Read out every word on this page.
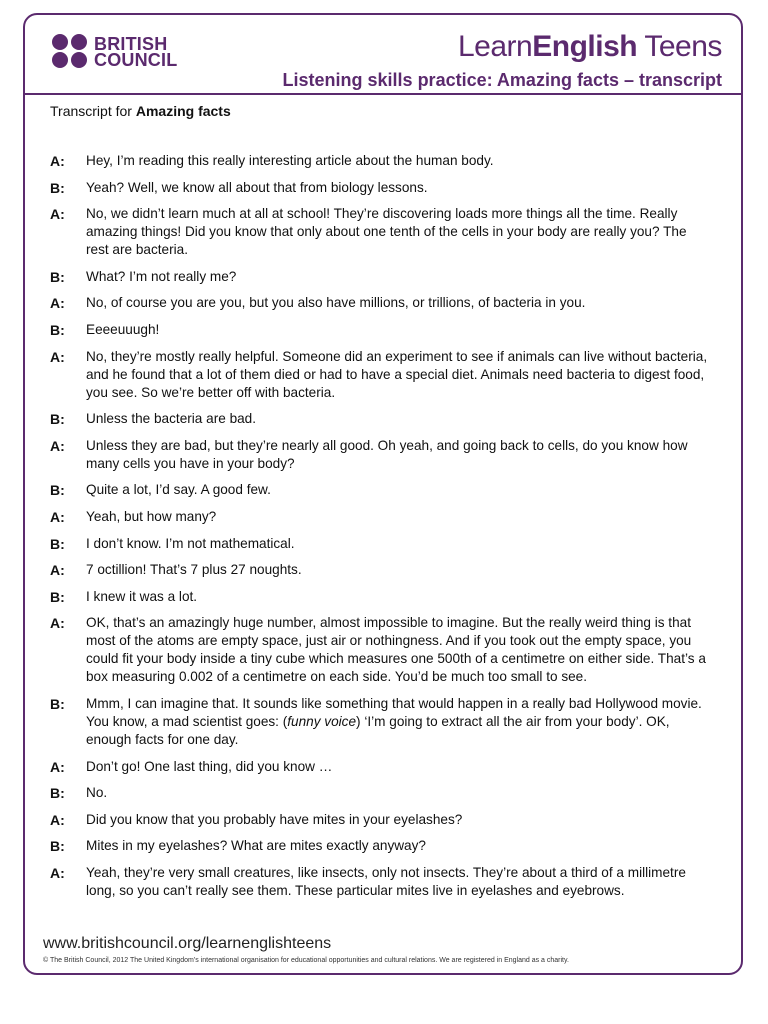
BRITISH
COUNCIL	LearnEnglish Teens
Listening skills practice: Amazing facts – transcript
Transcript for Amazing facts
A:	Hey, I’m reading this really interesting article about the human body.
B:	Yeah? Well, we know all about that from biology lessons.
A:	No, we didn’t learn much at all at school! They’re discovering loads more things all the time. Really amazing things! Did you know that only about one tenth of the cells in your body are really you? The rest are bacteria.
B:	What? I’m not really me?
A:	No, of course you are you, but you also have millions, or trillions, of bacteria in you.
B:	Eeeeuuugh!
A:	No, they’re mostly really helpful. Someone did an experiment to see if animals can live without bacteria, and he found that a lot of them died or had to have a special diet. Animals need bacteria to digest food, you see. So we’re better off with bacteria.
B:	Unless the bacteria are bad.
A:	Unless they are bad, but they’re nearly all good. Oh yeah, and going back to cells, do you know how many cells you have in your body?
B:	Quite a lot, I’d say. A good few.
A:	Yeah, but how many?
B:	I don’t know. I’m not mathematical.
A:	7 octillion! That’s 7 plus 27 noughts.
B:	I knew it was a lot.
A:	OK, that’s an amazingly huge number, almost impossible to imagine. But the really weird thing is that most of the atoms are empty space, just air or nothingness. And if you took out the empty space, you could fit your body inside a tiny cube which measures one 500th of a centimetre on either side. That’s a box measuring 0.002 of a centimetre on each side. You’d be much too small to see.
B:	Mmm, I can imagine that. It sounds like something that would happen in a really bad Hollywood movie. You know, a mad scientist goes: (funny voice) ‘I’m going to extract all the air from your body’. OK, enough facts for one day.
A:	Don’t go! One last thing, did you know …
B:	No.
A:	Did you know that you probably have mites in your eyelashes?
B:	Mites in my eyelashes? What are mites exactly anyway?
A:	Yeah, they’re very small creatures, like insects, only not insects. They’re about a third of a millimetre long, so you can’t really see them. These particular mites live in eyelashes and eyebrows.
www.britishcouncil.org/learnenglishteens
© The British Council, 2012 The United Kingdom’s international organisation for educational opportunities and cultural relations. We are registered in England as a charity.
